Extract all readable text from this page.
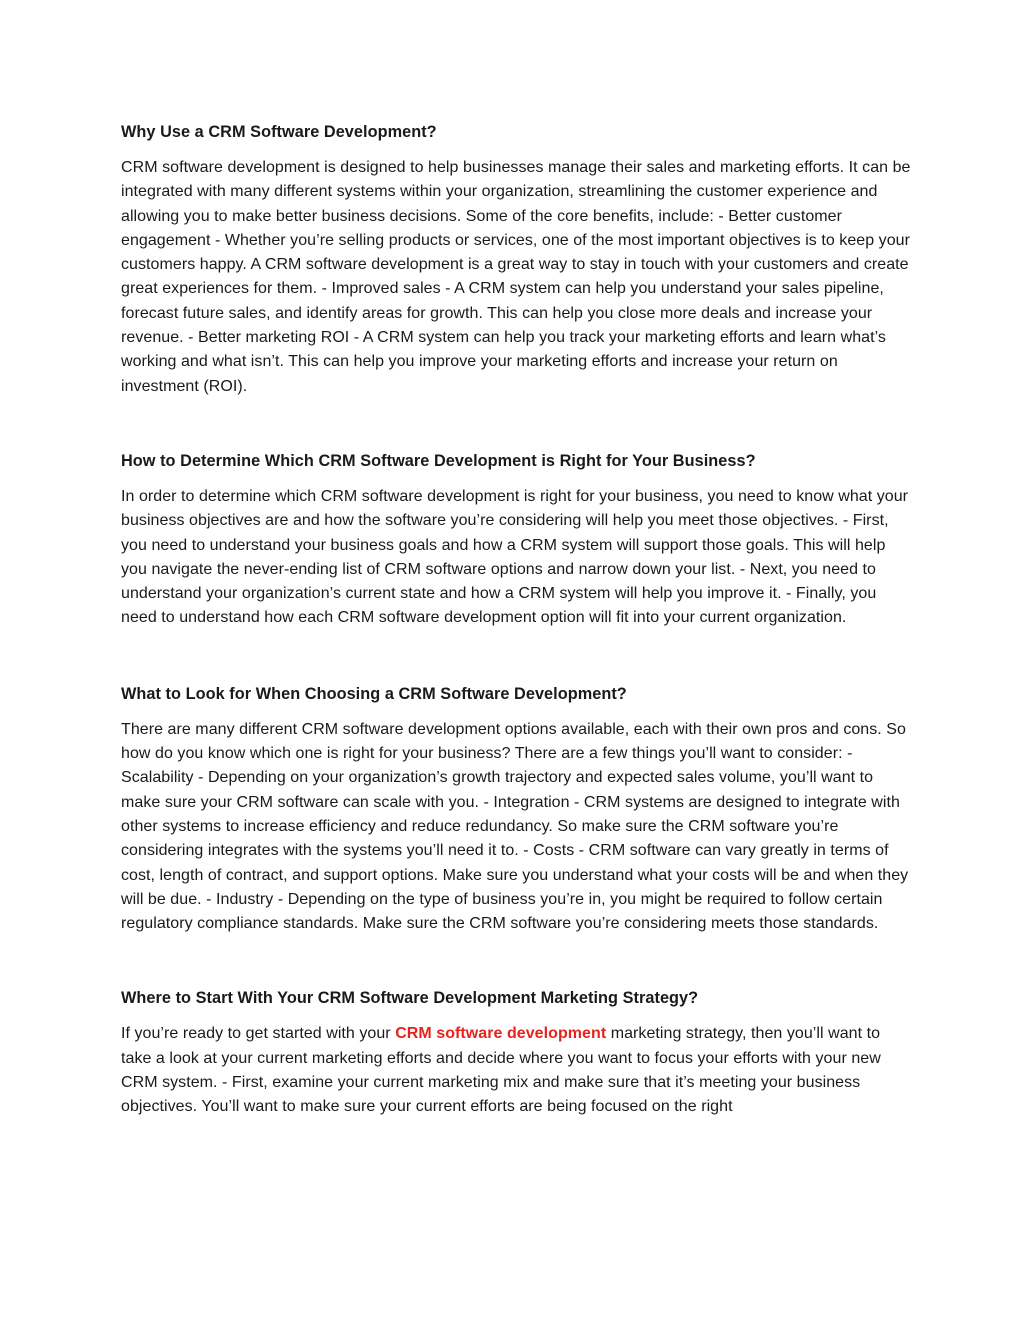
Why Use a CRM Software Development?

CRM software development is designed to help businesses manage their sales and marketing efforts. It can be integrated with many different systems within your organization, streamlining the customer experience and allowing you to make better business decisions. Some of the core benefits, include: - Better customer engagement - Whether you’re selling products or services, one of the most important objectives is to keep your customers happy. A CRM software development is a great way to stay in touch with your customers and create great experiences for them. - Improved sales - A CRM system can help you understand your sales pipeline, forecast future sales, and identify areas for growth. This can help you close more deals and increase your revenue. - Better marketing ROI - A CRM system can help you track your marketing efforts and learn what’s working and what isn’t. This can help you improve your marketing efforts and increase your return on investment (ROI).

How to Determine Which CRM Software Development is Right for Your Business?

In order to determine which CRM software development is right for your business, you need to know what your business objectives are and how the software you’re considering will help you meet those objectives. - First, you need to understand your business goals and how a CRM system will support those goals. This will help you navigate the never-ending list of CRM software options and narrow down your list. - Next, you need to understand your organization’s current state and how a CRM system will help you improve it. - Finally, you need to understand how each CRM software development option will fit into your current organization.

What to Look for When Choosing a CRM Software Development?

There are many different CRM software development options available, each with their own pros and cons. So how do you know which one is right for your business? There are a few things you’ll want to consider: - Scalability - Depending on your organization’s growth trajectory and expected sales volume, you’ll want to make sure your CRM software can scale with you. - Integration - CRM systems are designed to integrate with other systems to increase efficiency and reduce redundancy. So make sure the CRM software you’re considering integrates with the systems you’ll need it to. - Costs - CRM software can vary greatly in terms of cost, length of contract, and support options. Make sure you understand what your costs will be and when they will be due. - Industry - Depending on the type of business you’re in, you might be required to follow certain regulatory compliance standards. Make sure the CRM software you’re considering meets those standards.

Where to Start With Your CRM Software Development Marketing Strategy?

If you’re ready to get started with your CRM software development marketing strategy, then you’ll want to take a look at your current marketing efforts and decide where you want to focus your efforts with your new CRM system. - First, examine your current marketing mix and make sure that it’s meeting your business objectives. You’ll want to make sure your current efforts are being focused on the right
